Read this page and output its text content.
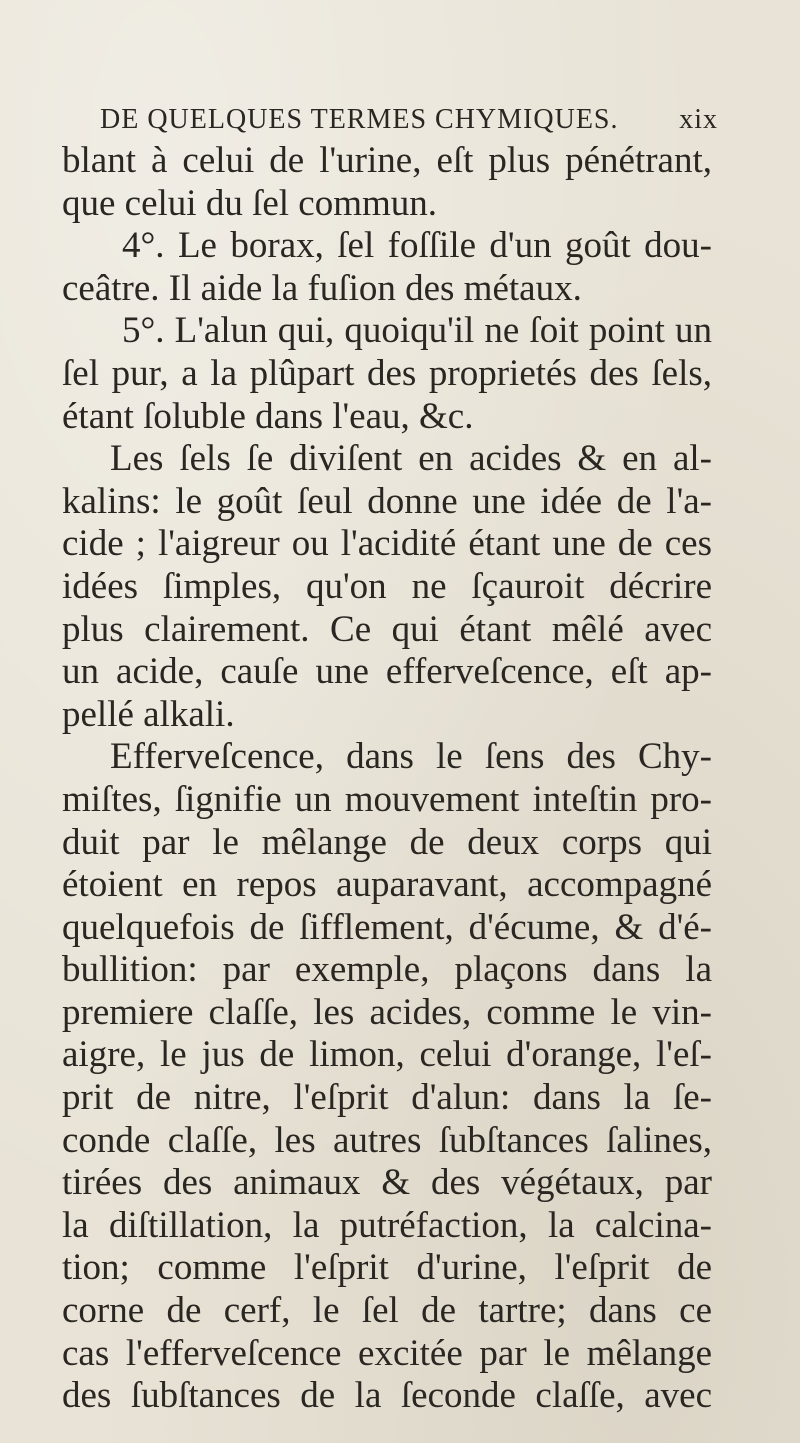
DE QUELQUES TERMES CHYMIQUES. xix
blant à celui de l'urine, eſt plus pénétrant,
que celui du ſel commun.
4°. Le borax, ſel foſſile d'un goût dou-
ceâtre. Il aide la fuſion des métaux.
5°. L'alun qui, quoiqu'il ne ſoit point un
ſel pur, a la plûpart des proprietés des ſels,
étant ſoluble dans l'eau, &c.
Les ſels ſe diviſent en acides & en al-
kalins: le goût ſeul donne une idée de l'a-
cide ; l'aigreur ou l'acidité étant une de ces
idées ſimples, qu'on ne ſçauroit décrire
plus clairement. Ce qui étant mêlé avec
un acide, cauſe une efferveſcence, eſt ap-
pellé alkali.
Efferveſcence, dans le ſens des Chy-
miſtes, ſignifie un mouvement inteſtin pro-
duit par le mêlange de deux corps qui
étoient en repos auparavant, accompagné
quelquefois de ſifflement, d'écume, & d'é-
bullition: par exemple, plaçons dans la
premiere claſſe, les acides, comme le vin-
aigre, le jus de limon, celui d'orange, l'eſ-
prit de nitre, l'eſprit d'alun: dans la ſe-
conde claſſe, les autres ſubſtances ſalines,
tirées des animaux & des végétaux, par
la diſtillation, la putréfaction, la calcina-
tion; comme l'eſprit d'urine, l'eſprit de
corne de cerf, le ſel de tartre; dans ce
cas l'efferveſcence excitée par le mêlange
des ſubſtances de la ſeconde claſſe, avec
